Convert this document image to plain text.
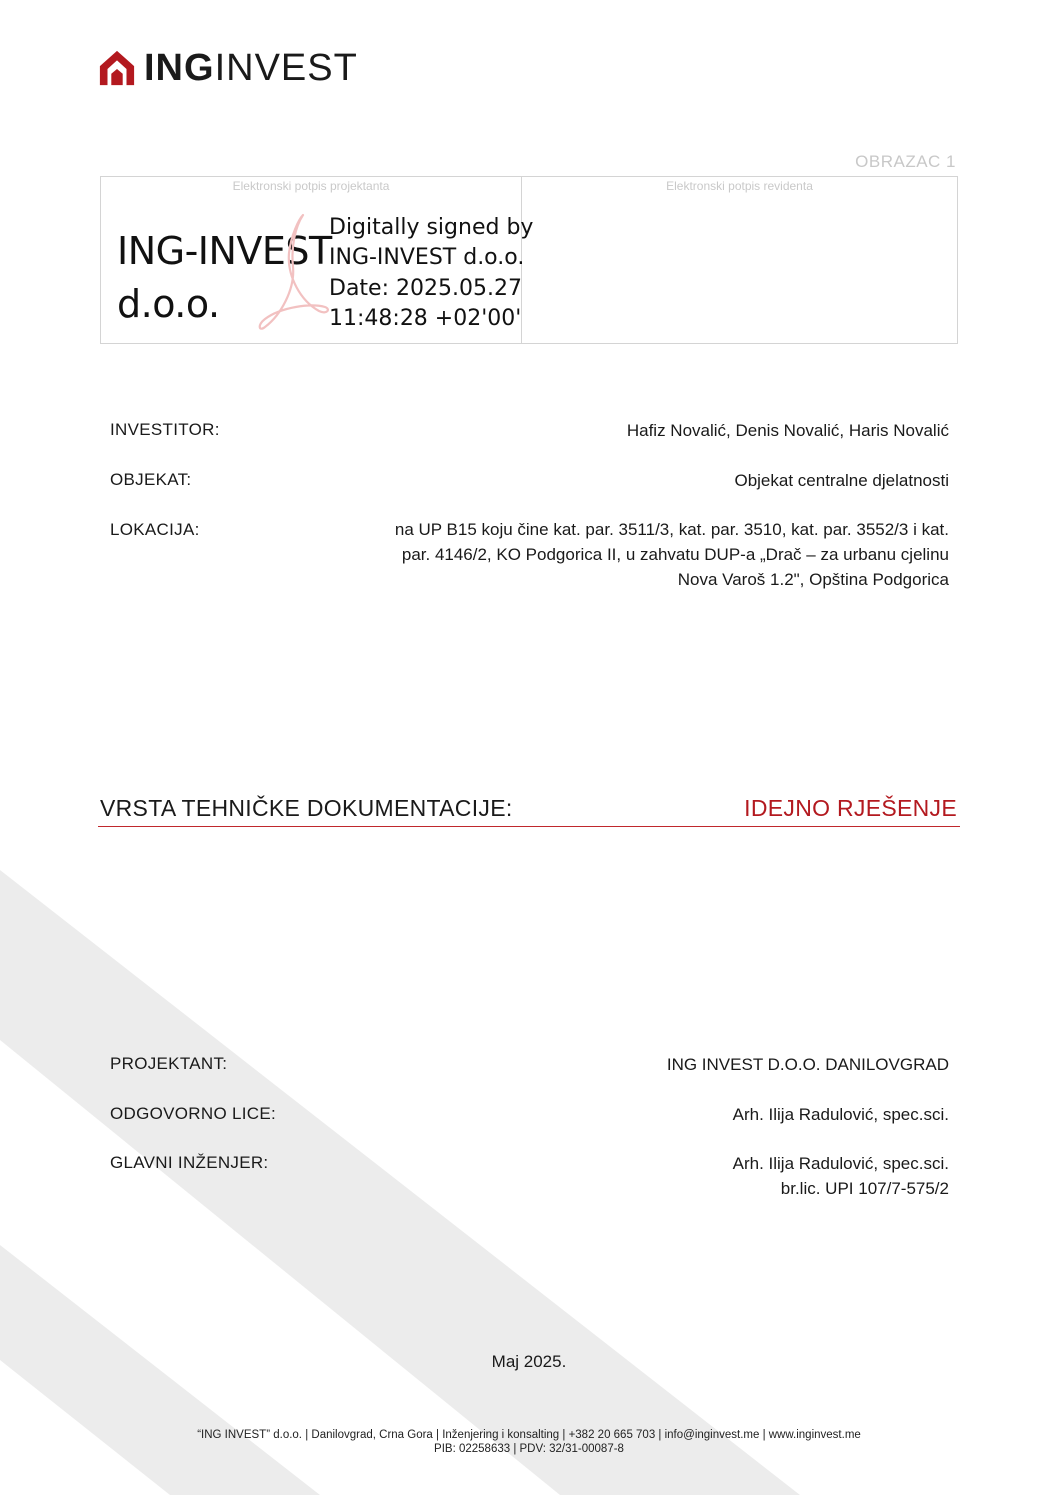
INGINVEST
OBRAZAC 1
Elektronski potpis projektanta
ING-INVEST
d.o.o.
Digitally signed by
ING-INVEST d.o.o.
Date: 2025.05.27
11:48:28 +02'00'
Elektronski potpis revidenta
INVESTITOR:	Hafiz Novalić, Denis Novalić, Haris Novalić
OBJEKAT:	Objekat centralne djelatnosti
LOKACIJA:	na UP B15 koju čine kat. par. 3511/3, kat. par. 3510, kat. par. 3552/3 i kat.
par. 4146/2, KO Podgorica II, u zahvatu DUP-a „Drač – za urbanu cjelinu
Nova Varoš 1.2", Opština Podgorica
VRSTA TEHNIČKE DOKUMENTACIJE:	IDEJNO RJEŠENJE
PROJEKTANT:	ING INVEST D.O.O. DANILOVGRAD
ODGOVORNO LICE:	Arh. Ilija Radulović, spec.sci.
GLAVNI INŽENJER:	Arh. Ilija Radulović, spec.sci.
br.lic. UPI 107/7-575/2
Maj 2025.
“ING INVEST” d.o.o. | Danilovgrad, Crna Gora | Inženjering i konsalting | +382 20 665 703 | info@inginvest.me | www.inginvest.me
PIB: 02258633 | PDV: 32/31-00087-8
